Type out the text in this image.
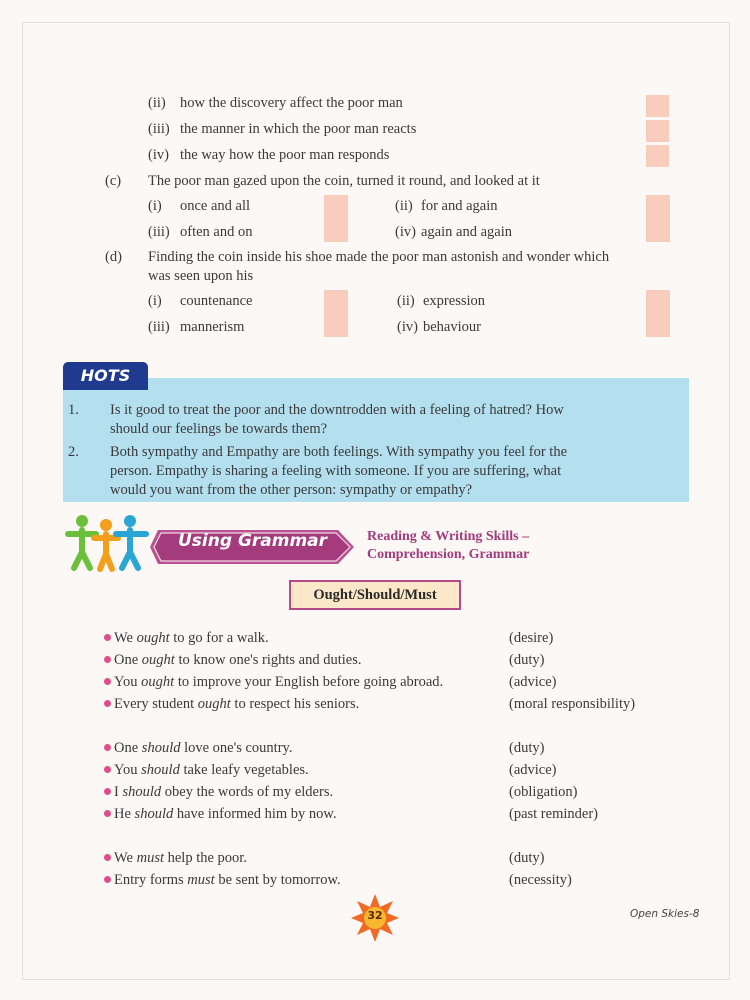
(ii) how the discovery affect the poor man
(iii) the manner in which the poor man reacts
(iv) the way how the poor man responds
(c) The poor man gazed upon the coin, turned it round, and looked at it
(i) once and all	(ii) for and again
(iii) often and on	(iv) again and again
(d) Finding the coin inside his shoe made the poor man astonish and wonder which
was seen upon his
(i) countenance	(ii) expression
(iii) mannerism	(iv) behaviour
HOTS
1. Is it good to treat the poor and the downtrodden with a feeling of hatred? How
should our feelings be towards them?
2. Both sympathy and Empathy are both feelings. With sympathy you feel for the
person. Empathy is sharing a feeling with someone. If you are suffering, what
would you want from the other person: sympathy or empathy?
Using Grammar	Reading & Writing Skills –
Comprehension, Grammar
Ought/Should/Must
We ought to go for a walk.	(desire)
One ought to know one's rights and duties.	(duty)
You ought to improve your English before going abroad.	(advice)
Every student ought to respect his seniors.	(moral responsibility)
One should love one's country.	(duty)
You should take leafy vegetables.	(advice)
I should obey the words of my elders.	(obligation)
He should have informed him by now.	(past reminder)
We must help the poor.	(duty)
Entry forms must be sent by tomorrow.	(necessity)
32	Open Skies-8
